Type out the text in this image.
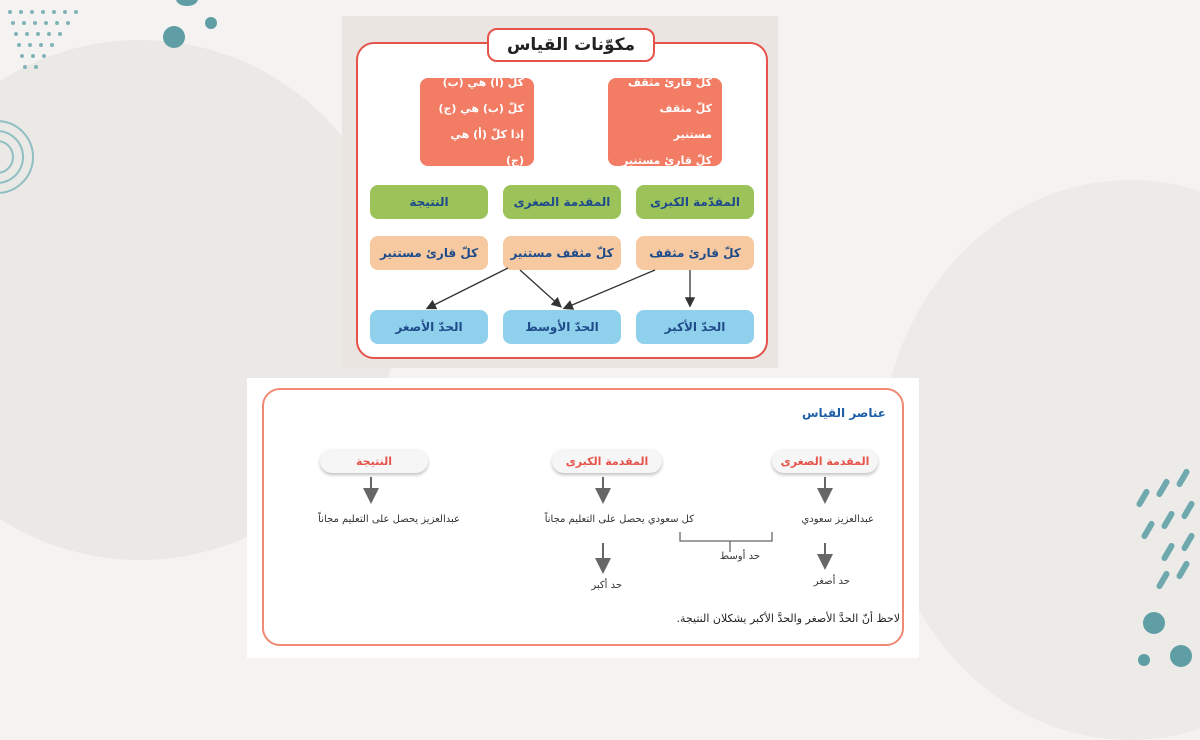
مكوّنات القياس
كلّ قارئ مثقف
كلّ مثقف مستنير
كلّ قارئ مستنير
كلّ (أ) هي (ب)
كلّ (ب) هي (ج)
إذا كلّ (أ) هي (ج)
المقدّمة الكبرى
المقدمة الصغرى
النتيجة
كلّ قارئ مثقف
كلّ مثقف مستنير
كلّ قارئ مستنير
الحدّ الأكبر
الحدّ الأوسط
الحدّ الأصغر
عناصر القياس
المقدمة الصغرى
المقدمة الكبرى
النتيجة
عبدالعزيز سعودي
كل سعودي يحصل على التعليم مجاناً
عبدالعزيز يحصل على التعليم مجاناً
حد أوسط
حد أصغر
حد أكبر
لاحظ أنّ الحدَّ الأصغر والحدَّ الأكبر يشكلان النتيجة.
